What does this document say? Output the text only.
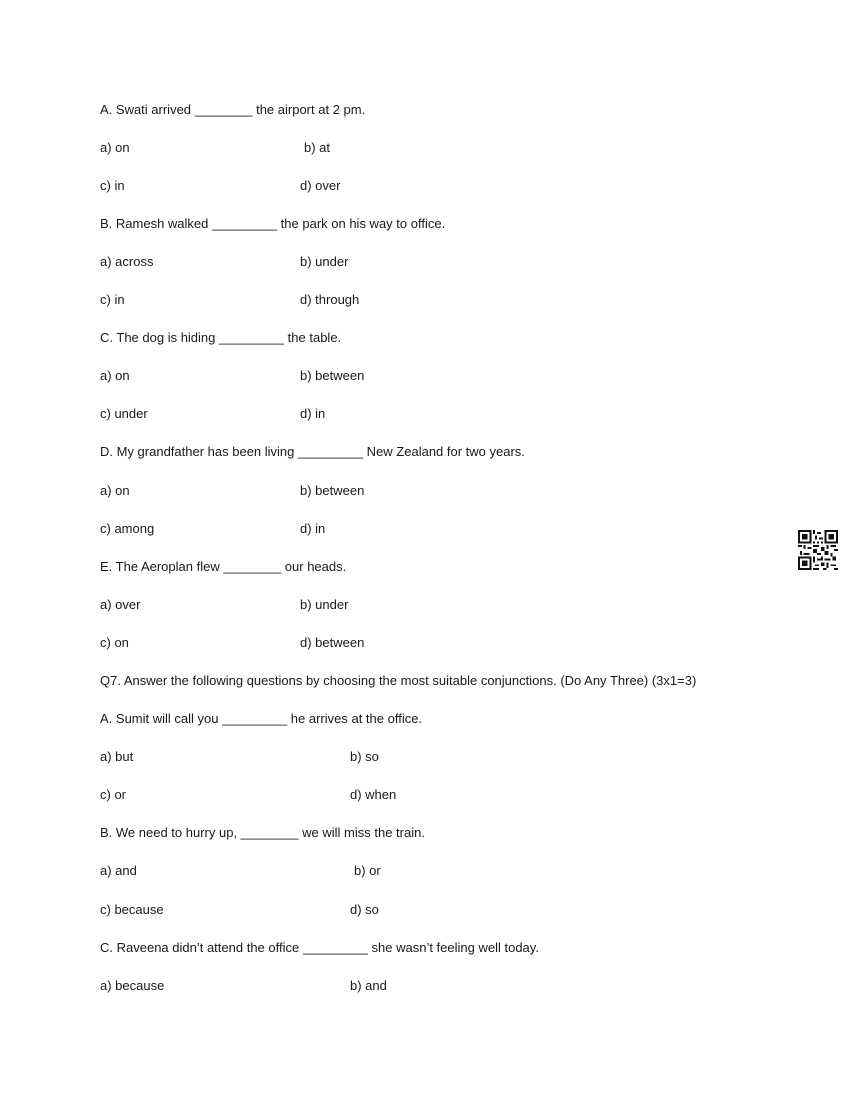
A. Swati arrived ________ the airport at 2 pm.
a) on	b) at
c) in	d) over
B. Ramesh walked _________ the park on his way to office.
a) across	b) under
c) in	d) through
C. The dog is hiding _________ the table.
a) on	b) between
c) under	d) in
D. My grandfather has been living _________ New Zealand for two years.
a) on	b) between
c) among	d) in
E. The Aeroplan flew ________ our heads.
a) over	b) under
c) on	d) between
Q7. Answer the following questions by choosing the most suitable conjunctions. (Do Any Three) (3x1=3)
A. Sumit will call you _________ he arrives at the office.
a) but	b) so
c) or	d) when
B. We need to hurry up, ________ we will miss the train.
a) and	b) or
c) because	d) so
C. Raveena didn’t attend the office _________ she wasn’t feeling well today.
a) because	b) and
